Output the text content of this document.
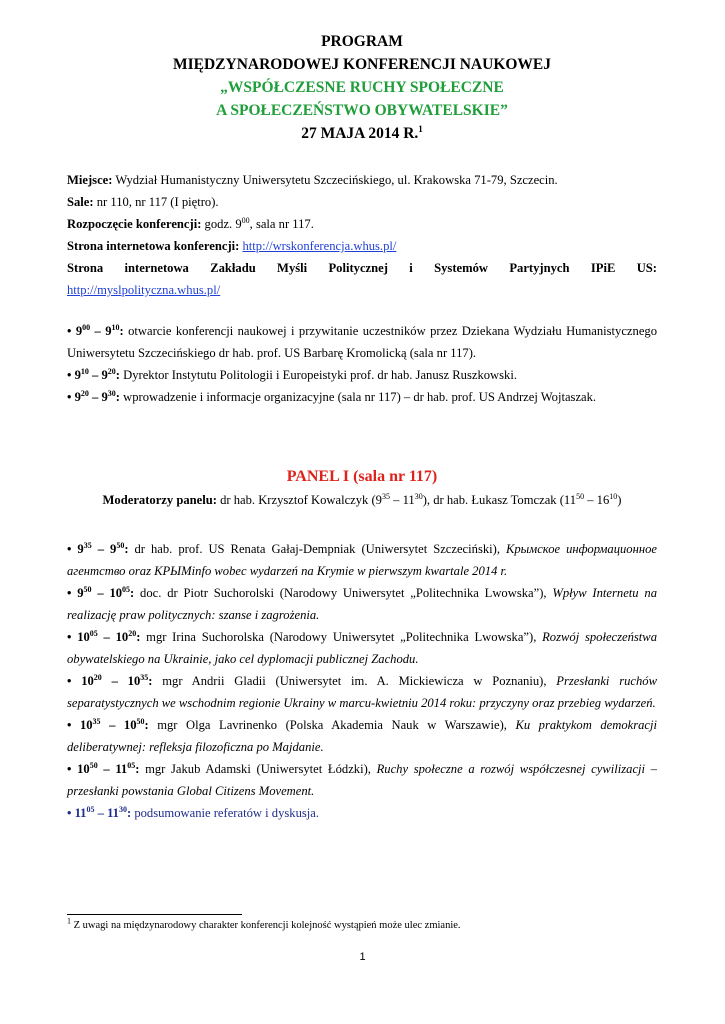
PROGRAM
MIĘDZYNARODOWEJ KONFERENCJI NAUKOWEJ
„WSPÓŁCZESNE RUCHY SPOŁECZNE
A SPOŁECZEŃSTWO OBYWATELSKIE”
27 MAJA 2014 R.$^1$
Miejsce: Wydział Humanistyczny Uniwersytetu Szczecińskiego, ul. Krakowska 71-79, Szczecin.
Sale: nr 110, nr 117 (I piętro).
Rozpoczęcie konferencji: godz. $9^{00}$, sala nr 117.
Strona internetowa konferencji: http://wrskonferencja.whus.pl/
Strona internetowa Zakładu Myśli Politycznej i Systemów Partyjnych IPiE US:
http://myslpolityczna.whus.pl/

• $9^{00} - 9^{10}$: otwarcie konferencji naukowej i przywitanie uczestników przez Dziekana Wydziału Humanistycznego Uniwersytetu Szczecińskiego dr hab. prof. US Barbarę Kromolicką (sala nr 117).

• $9^{10} - 9^{20}$: Dyrektor Instytutu Politologii i Europeistyki prof. dr hab. Janusz Ruszkowski.

• $9^{20} - 9^{30}$: wprowadzenie i informacje organizacyjne (sala nr 117) – dr hab. prof. US Andrzej Wojtaszak.

PANEL I (sala nr 117)
Moderatorzy panelu: dr hab. Krzysztof Kowalczyk $(9^{35} - 11^{30})$, dr hab. Łukasz Tomczak $(11^{50} - 16^{10})$

• $9^{35} - 9^{50}$: dr hab. prof. US Renata Gałaj-Dempniak (Uniwersytet Szczeciński), Крымское информационное агентство oraz КРЫМinfo wobec wydarzeń na Krymie w pierwszym kwartale 2014 r.

• $9^{50} - 10^{05}$: doc. dr Piotr Suchorolski (Narodowy Uniwersytet „Politechnika Lwowska”), Wpływ Internetu na realizację praw politycznych: szanse i zagrożenia.

• $10^{05} - 10^{20}$: mgr Irina Suchorolska (Narodowy Uniwersytet „Politechnika Lwowska”), Rozwój społeczeństwa obywatelskiego na Ukrainie, jako cel dyplomacji publicznej Zachodu.

• $10^{20} - 10^{35}$: mgr Andrii Gladii (Uniwersytet im. A. Mickiewicza w Poznaniu), Przesłanki ruchów separatystycznych we wschodnim regionie Ukrainy w marcu-kwietniu 2014 roku: przyczyny oraz przebieg wydarzeń.

• $10^{35} - 10^{50}$: mgr Olga Lavrinenko (Polska Akademia Nauk w Warszawie), Ku praktykom demokracji deliberatywnej: refleksja filozoficzna po Majdanie.

• $10^{50} - 11^{05}$: mgr Jakub Adamski (Uniwersytet Łódzki), Ruchy społeczne a rozwój współczesnej cywilizacji – przesłanki powstania Global Citizens Movement.

• $11^{05} - 11^{30}$: podsumowanie referatów i dyskusja.

$^1$ Z uwagi na międzynarodowy charakter konferencji kolejność wystąpień może ulec zmianie.
1
